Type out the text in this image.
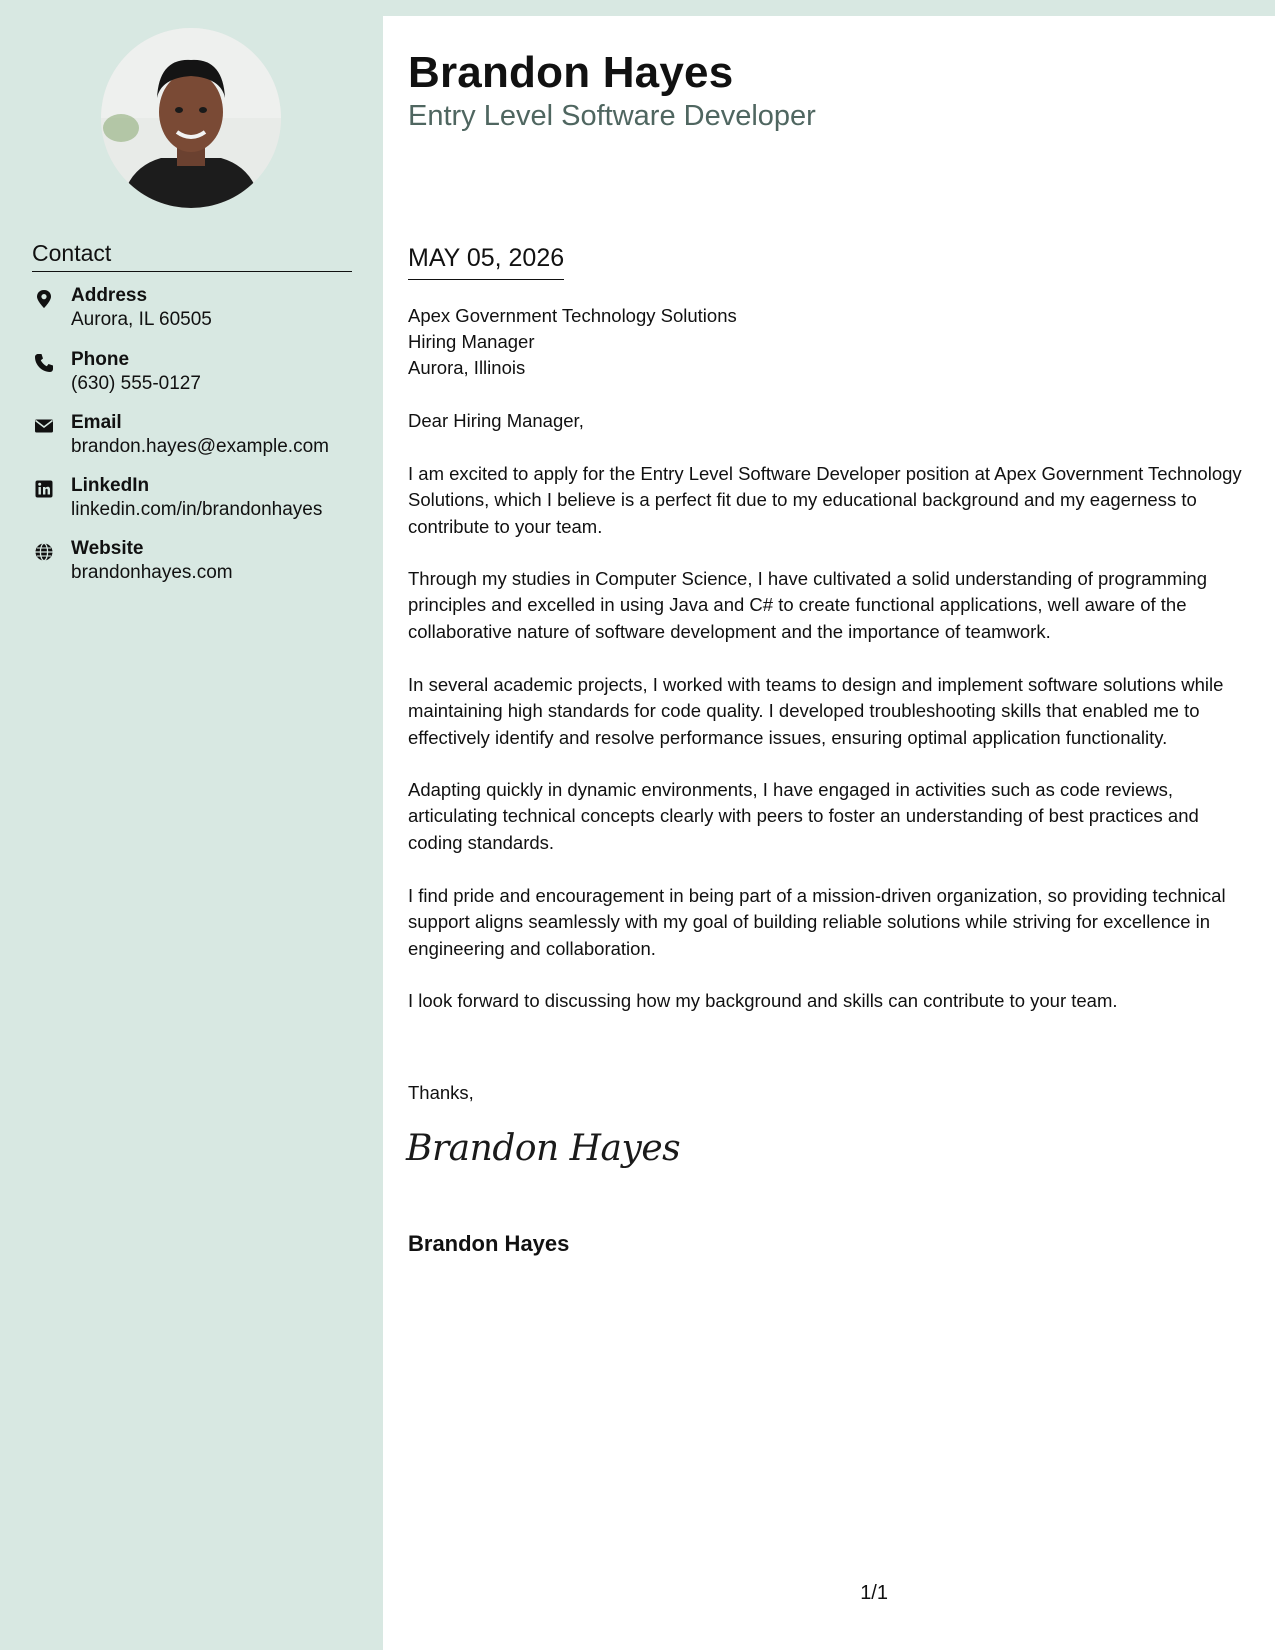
Contact
Address
Aurora, IL 60505
Phone
(630) 555-0127
Email
brandon.hayes@example.com
LinkedIn
linkedin.com/in/brandonhayes
Website
brandonhayes.com
Brandon Hayes
Entry Level Software Developer
MAY 05, 2026
Apex Government Technology Solutions
Hiring Manager
Aurora, Illinois
Dear Hiring Manager,
I am excited to apply for the Entry Level Software Developer position at Apex Government Technology Solutions, which I believe is a perfect fit due to my educational background and my eagerness to contribute to your team.
Through my studies in Computer Science, I have cultivated a solid understanding of programming principles and excelled in using Java and C# to create functional applications, well aware of the collaborative nature of software development and the importance of teamwork.
In several academic projects, I worked with teams to design and implement software solutions while maintaining high standards for code quality. I developed troubleshooting skills that enabled me to effectively identify and resolve performance issues, ensuring optimal application functionality.
Adapting quickly in dynamic environments, I have engaged in activities such as code reviews, articulating technical concepts clearly with peers to foster an understanding of best practices and coding standards.
I find pride and encouragement in being part of a mission-driven organization, so providing technical support aligns seamlessly with my goal of building reliable solutions while striving for excellence in engineering and collaboration.
I look forward to discussing how my background and skills can contribute to your team.
Thanks,
Brandon Hayes
Brandon Hayes
1/1
